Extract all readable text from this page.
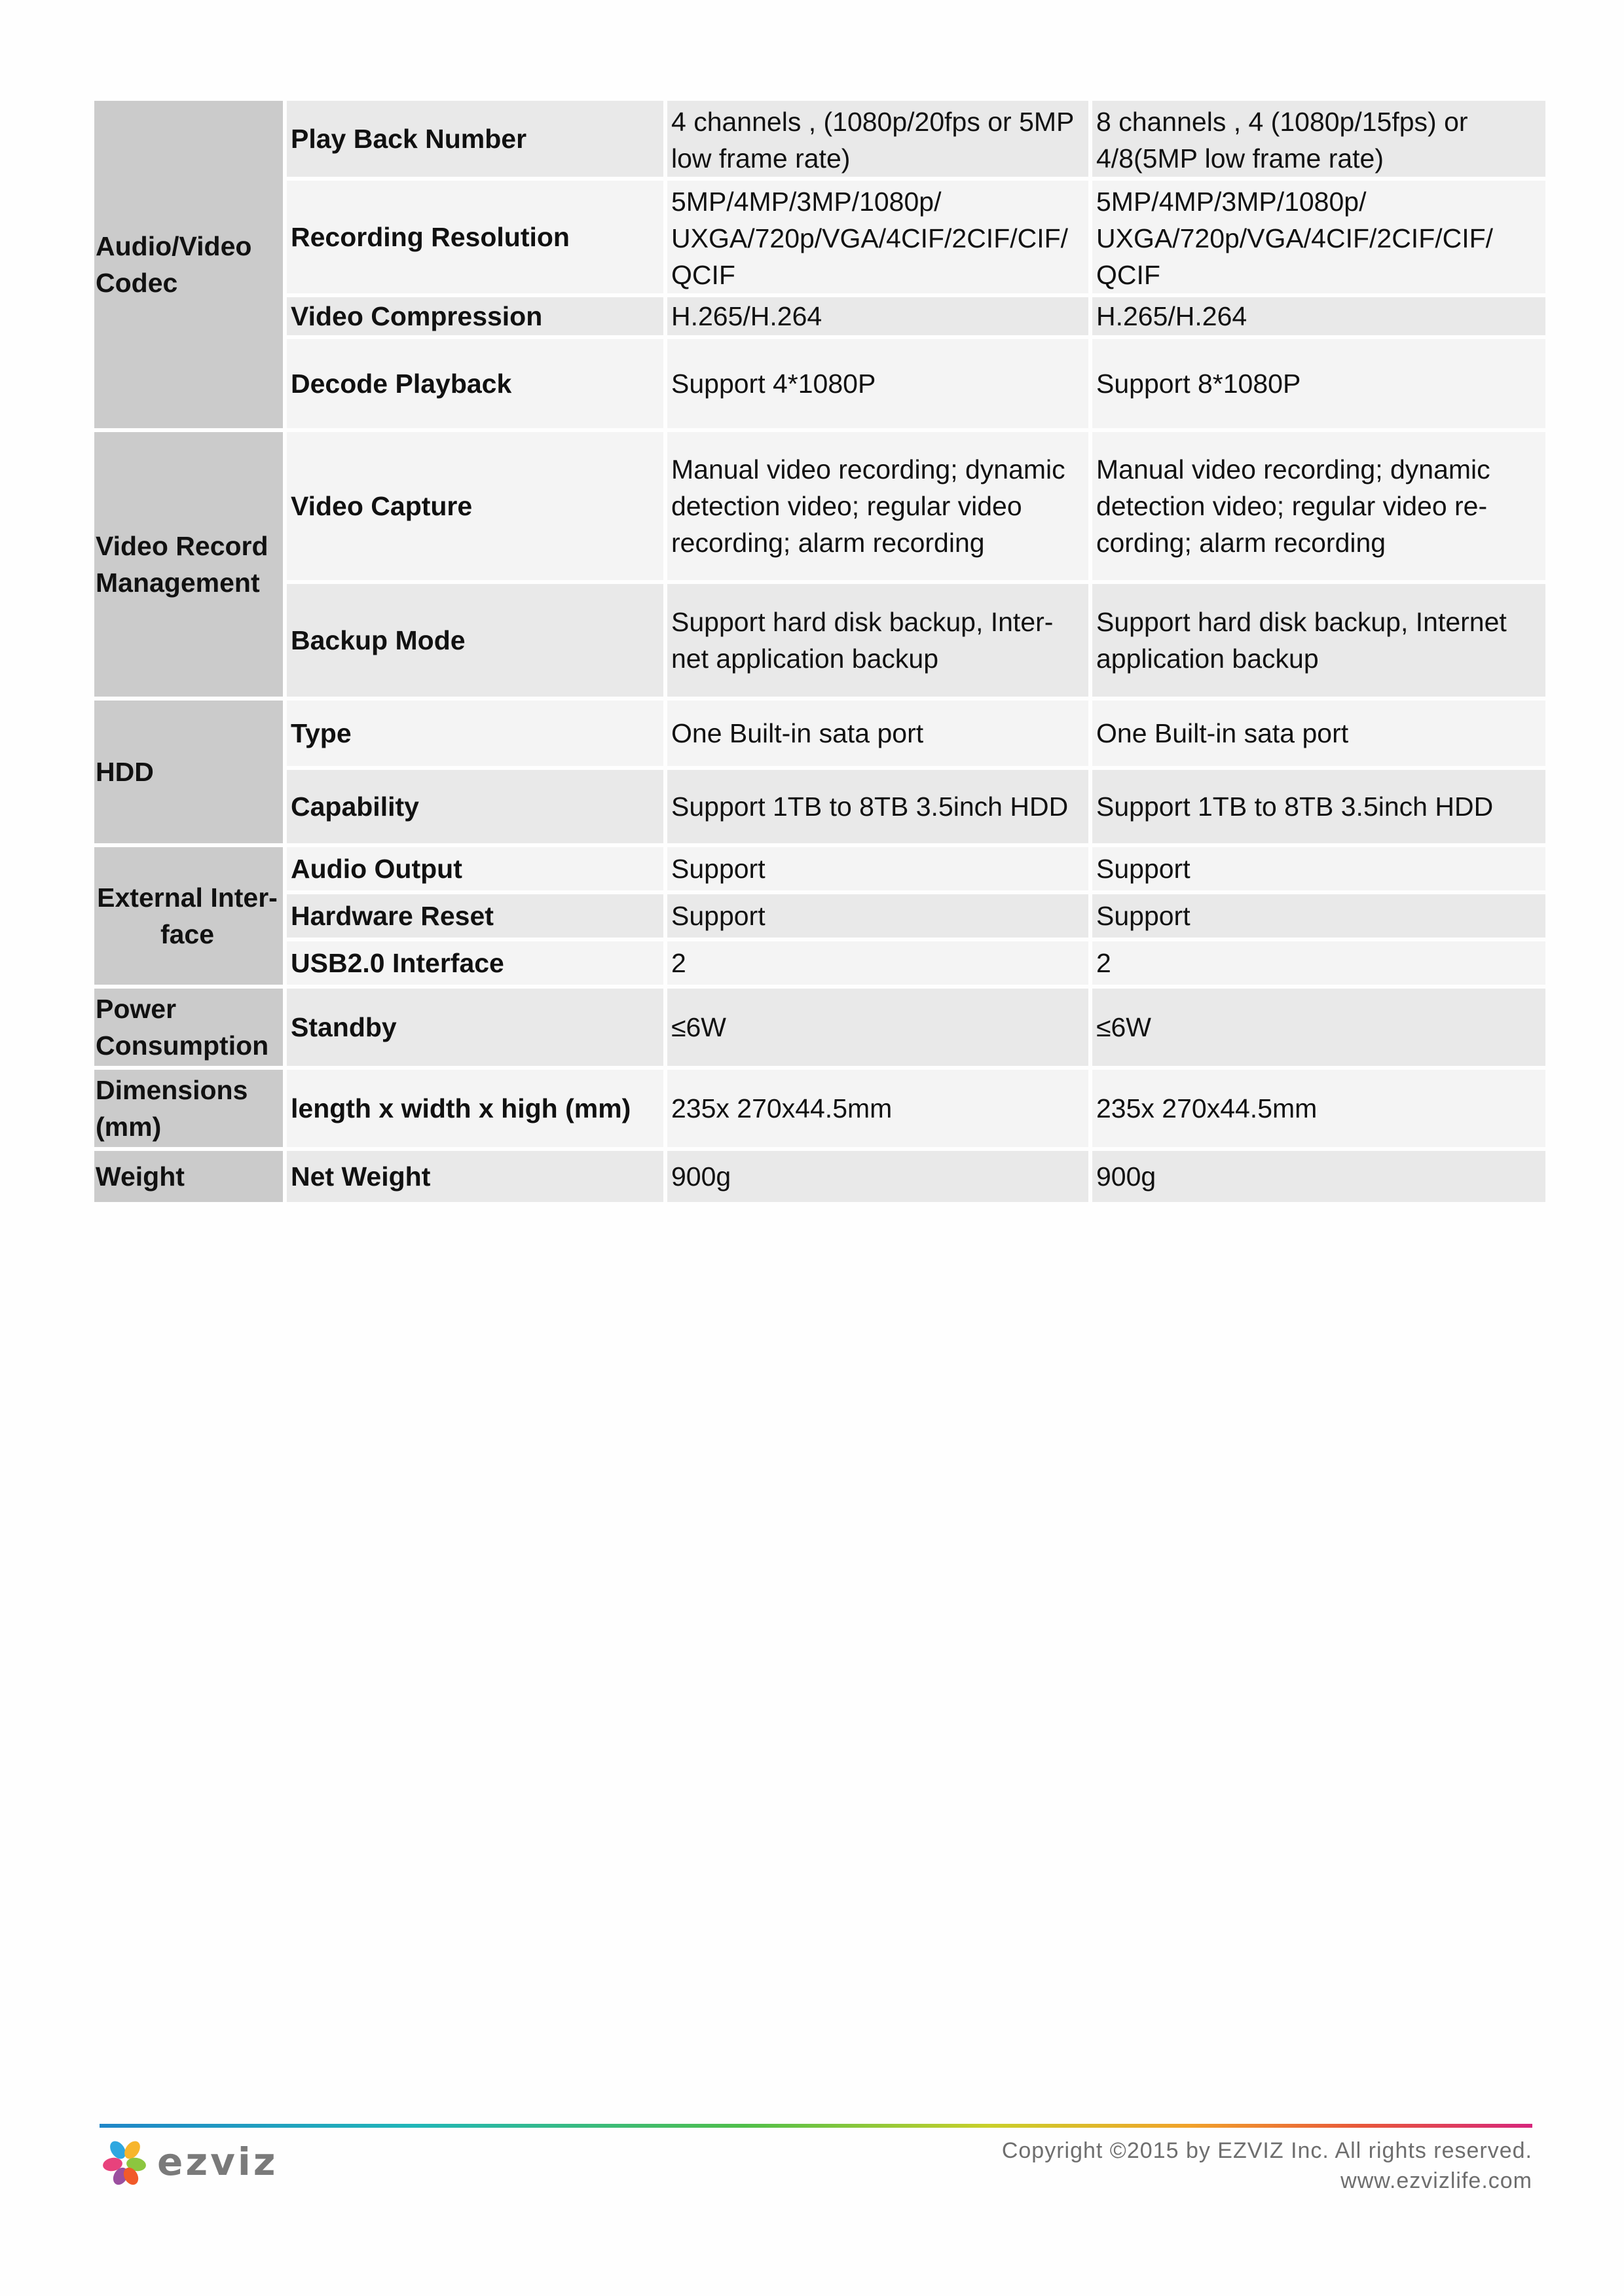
Audio/Video Codec	Play Back Number	4 channels , (1080p/20fps or 5MP low frame rate)	8 channels , 4 (1080p/15fps) or 4/8(5MP low frame rate)
	Recording Resolution	5MP/4MP/3MP/1080p/ UXGA/720p/VGA/4CIF/2CIF/CIF/ QCIF	5MP/4MP/3MP/1080p/ UXGA/720p/VGA/4CIF/2CIF/CIF/ QCIF
	Video Compression	H.265/H.264	H.265/H.264
	Decode Playback	Support 4*1080P	Support 8*1080P
Video Record Management	Video Capture	Manual video recording; dynamic detection video; regular video recording; alarm recording	Manual video recording; dynamic detection video; regular video re- cording; alarm recording
	Backup Mode	Support hard disk backup, Inter- net application backup	Support hard disk backup, Internet application backup
HDD	Type	One Built-in sata port	One Built-in sata port
	Capability	Support 1TB to 8TB 3.5inch HDD	Support 1TB to 8TB 3.5inch HDD
External Inter- face	Audio Output	Support	Support
	Hardware Reset	Support	Support
	USB2.0 Interface	2	2
Power Consumption	Standby	≤6W	≤6W
Dimensions (mm)	length x width x high (mm)	235x 270x44.5mm	235x 270x44.5mm
Weight	Net Weight	900g	900g
ezviz	Copyright ©2015 by EZVIZ Inc. All rights reserved.
www.ezvizlife.com
